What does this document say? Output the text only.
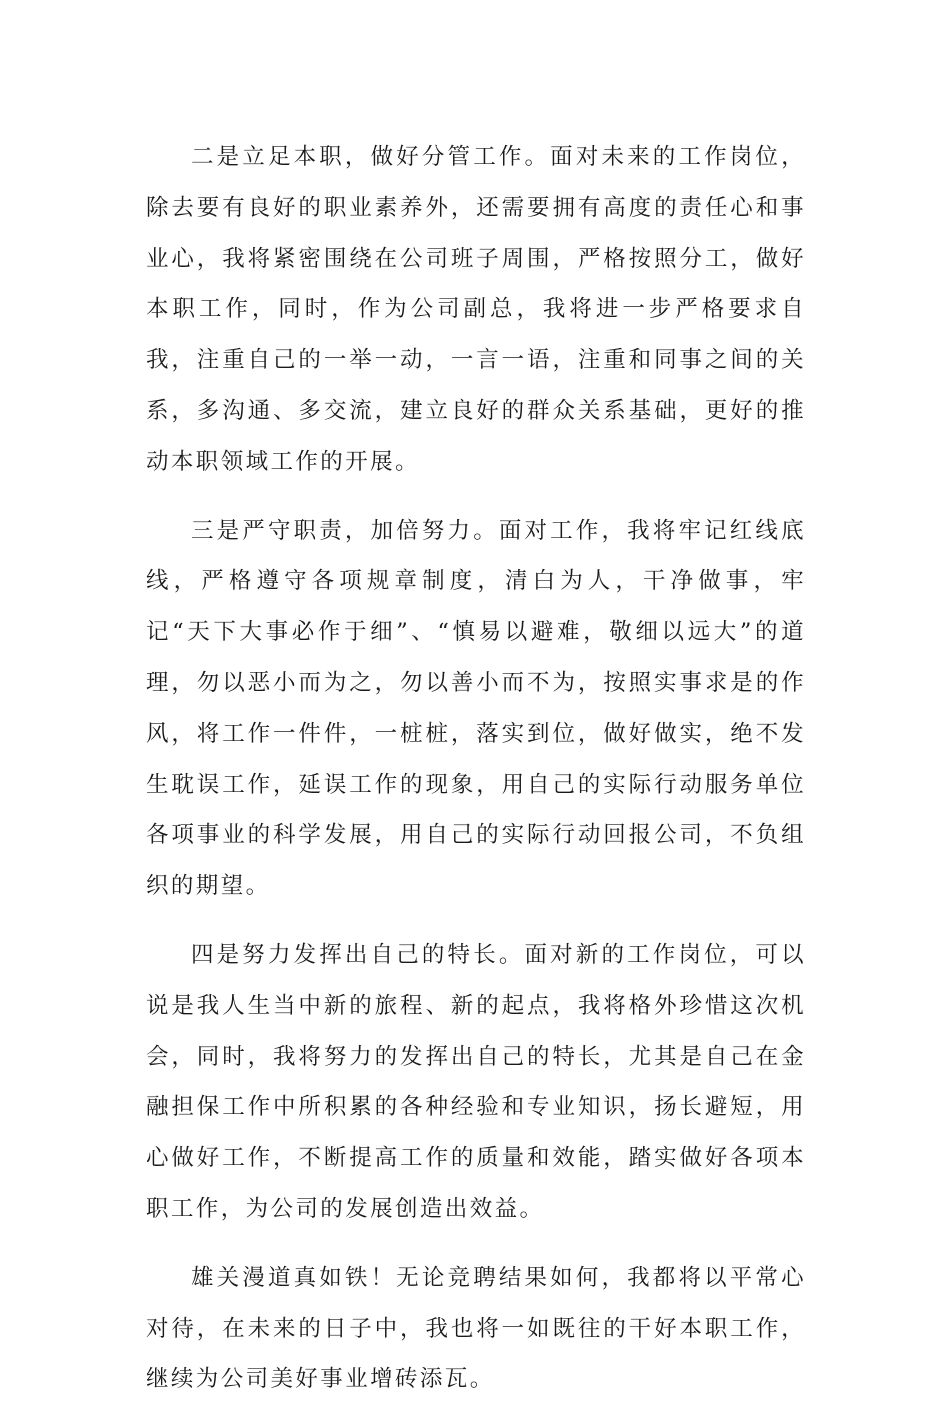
二是立足本职，做好分管工作。面对未来的工作岗位，除去要有良好的职业素养外，还需要拥有高度的责任心和事业心，我将紧密围绕在公司班子周围，严格按照分工，做好本职工作，同时，作为公司副总，我将进一步严格要求自我，注重自己的一举一动，一言一语，注重和同事之间的关系，多沟通、多交流，建立良好的群众关系基础，更好的推动本职领域工作的开展。

三是严守职责，加倍努力。面对工作，我将牢记红线底线，严格遵守各项规章制度，清白为人，干净做事，牢记“天下大事必作于细”、“慎易以避难，敬细以远大”的道理，勿以恶小而为之，勿以善小而不为，按照实事求是的作风，将工作一件件，一桩桩，落实到位，做好做实，绝不发生耽误工作，延误工作的现象，用自己的实际行动服务单位各项事业的科学发展，用自己的实际行动回报公司，不负组织的期望。

四是努力发挥出自己的特长。面对新的工作岗位，可以说是我人生当中新的旅程、新的起点，我将格外珍惜这次机会，同时，我将努力的发挥出自己的特长，尤其是自己在金融担保工作中所积累的各种经验和专业知识，扬长避短，用心做好工作，不断提高工作的质量和效能，踏实做好各项本职工作，为公司的发展创造出效益。

雄关漫道真如铁！无论竞聘结果如何，我都将以平常心对待，在未来的日子中，我也将一如既往的干好本职工作，继续为公司美好事业增砖添瓦。
